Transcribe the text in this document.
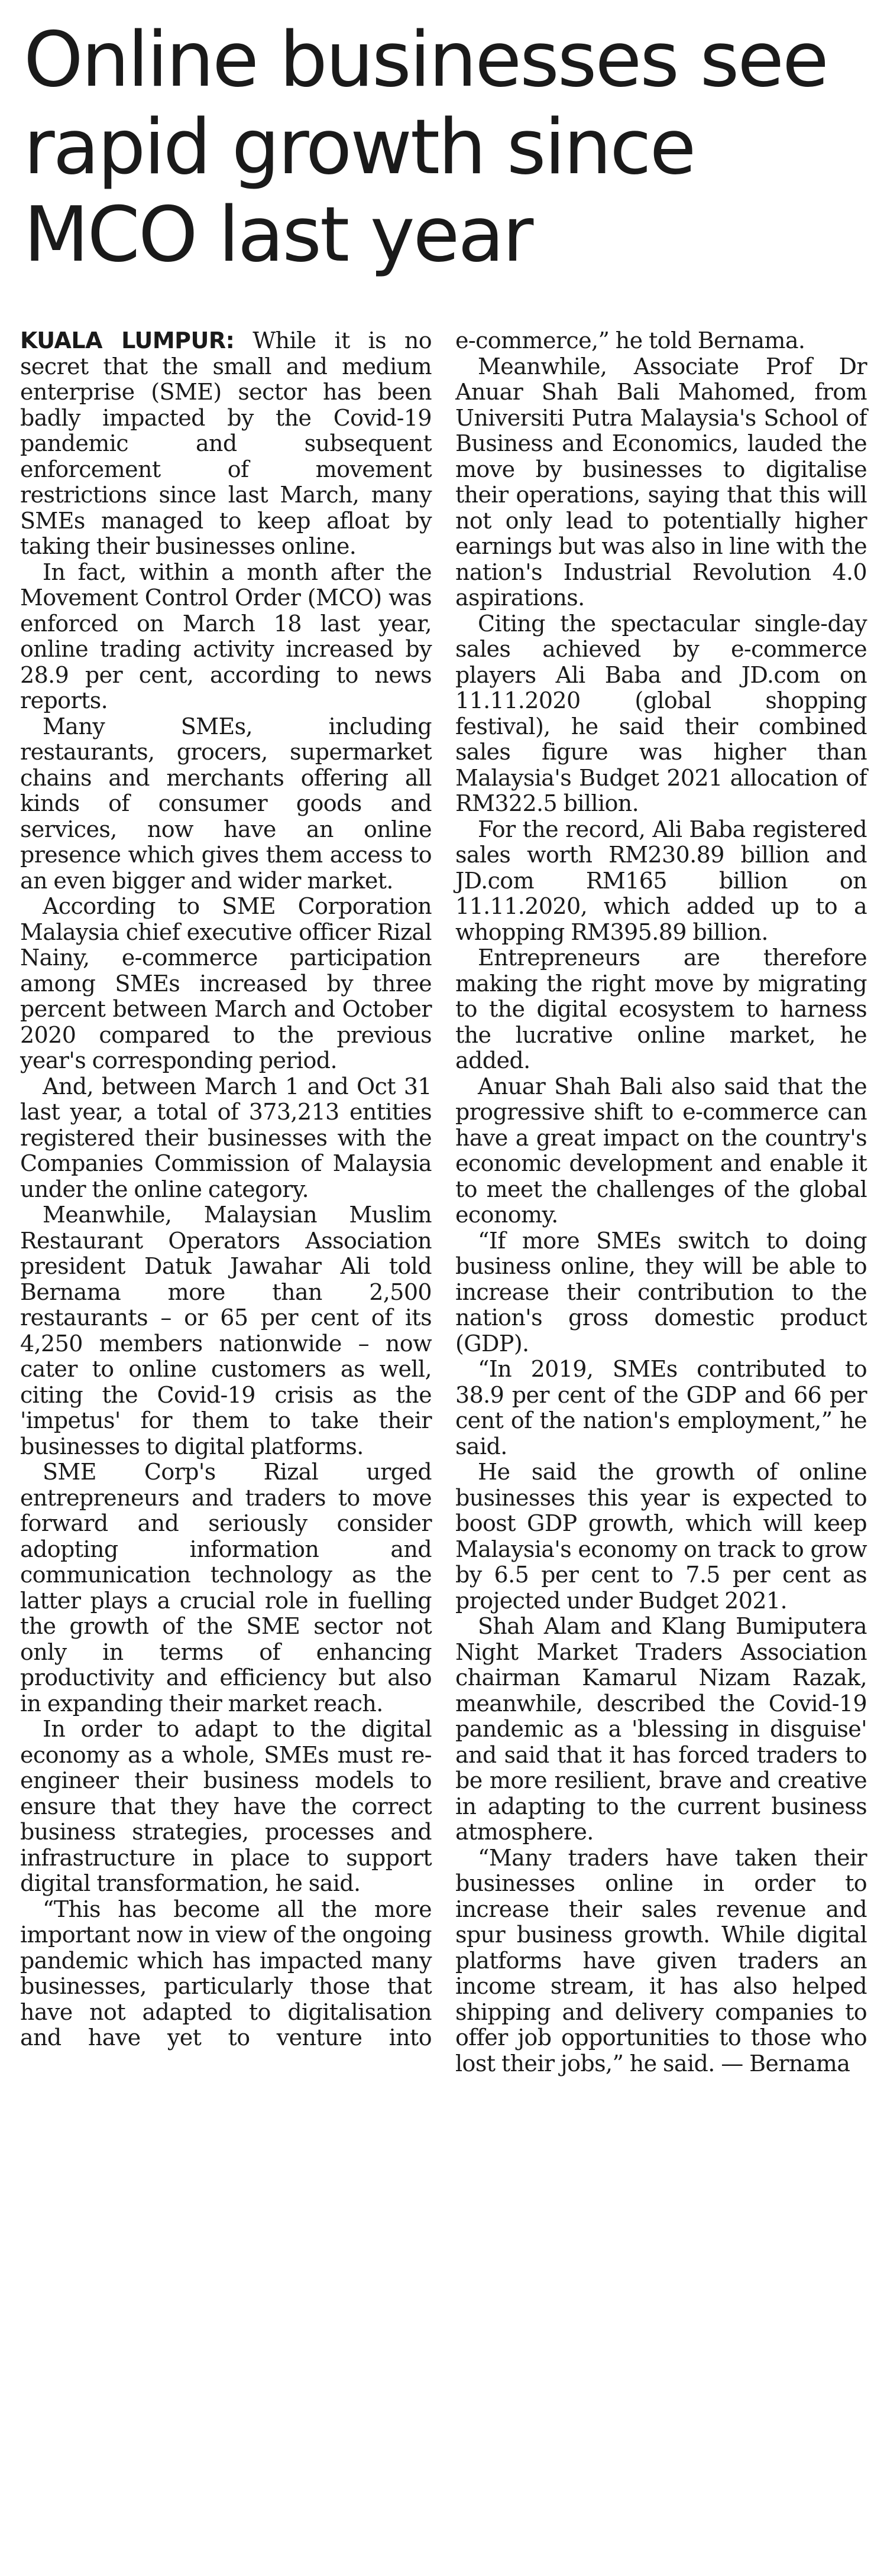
Online businesses see
rapid growth since
MCO last year

KUALA LUMPUR: While it is no secret that the small and medium enterprise (SME) sector has been badly impacted by the Covid-19 pandemic and subsequent enforcement of movement restrictions since last March, many SMEs managed to keep afloat by taking their businesses online.

In fact, within a month after the Movement Control Order (MCO) was enforced on March 18 last year, online trading activity increased by 28.9 per cent, according to news reports.

Many SMEs, including restaurants, grocers, supermarket chains and merchants offering all kinds of consumer goods and services, now have an online presence which gives them access to an even bigger and wider market.

According to SME Corporation Malaysia chief executive officer Rizal Nainy, e-commerce participation among SMEs increased by three percent between March and October 2020 compared to the previous year's corresponding period.

And, between March 1 and Oct 31 last year, a total of 373,213 entities registered their businesses with the Companies Commission of Malaysia under the online category.

Meanwhile, Malaysian Muslim Restaurant Operators Association president Datuk Jawahar Ali told Bernama more than 2,500 restaurants – or 65 per cent of its 4,250 members nationwide – now cater to online customers as well, citing the Covid-19 crisis as the 'impetus' for them to take their businesses to digital platforms.

SME Corp's Rizal urged entrepreneurs and traders to move forward and seriously consider adopting information and communication technology as the latter plays a crucial role in fuelling the growth of the SME sector not only in terms of enhancing productivity and efficiency but also in expanding their market reach.

In order to adapt to the digital economy as a whole, SMEs must re-engineer their business models to ensure that they have the correct business strategies, processes and infrastructure in place to support digital transformation, he said.

“This has become all the more important now in view of the ongoing pandemic which has impacted many businesses, particularly those that have not adapted to digitalisation and have yet to venture into

e-commerce,” he told Bernama.

Meanwhile, Associate Prof Dr Anuar Shah Bali Mahomed, from Universiti Putra Malaysia's School of Business and Economics, lauded the move by businesses to digitalise their operations, saying that this will not only lead to potentially higher earnings but was also in line with the nation's Industrial Revolution 4.0 aspirations.

Citing the spectacular single-day sales achieved by e-commerce players Ali Baba and JD.com on 11.11.2020 (global shopping festival), he said their combined sales figure was higher than Malaysia's Budget 2021 allocation of RM322.5 billion.

For the record, Ali Baba registered sales worth RM230.89 billion and JD.com RM165 billion on 11.11.2020, which added up to a whopping RM395.89 billion.

Entrepreneurs are therefore making the right move by migrating to the digital ecosystem to harness the lucrative online market, he added.

Anuar Shah Bali also said that the progressive shift to e-commerce can have a great impact on the country's economic development and enable it to meet the challenges of the global economy.

“If more SMEs switch to doing business online, they will be able to increase their contribution to the nation's gross domestic product (GDP).

“In 2019, SMEs contributed to 38.9 per cent of the GDP and 66 per cent of the nation's employment,” he said.

He said the growth of online businesses this year is expected to boost GDP growth, which will keep Malaysia's economy on track to grow by 6.5 per cent to 7.5 per cent as projected under Budget 2021.

Shah Alam and Klang Bumiputera Night Market Traders Association chairman Kamarul Nizam Razak, meanwhile, described the Covid-19 pandemic as a 'blessing in disguise' and said that it has forced traders to be more resilient, brave and creative in adapting to the current business atmosphere.

“Many traders have taken their businesses online in order to increase their sales revenue and spur business growth. While digital platforms have given traders an income stream, it has also helped shipping and delivery companies to offer job opportunities to those who lost their jobs,” he said. — Bernama
